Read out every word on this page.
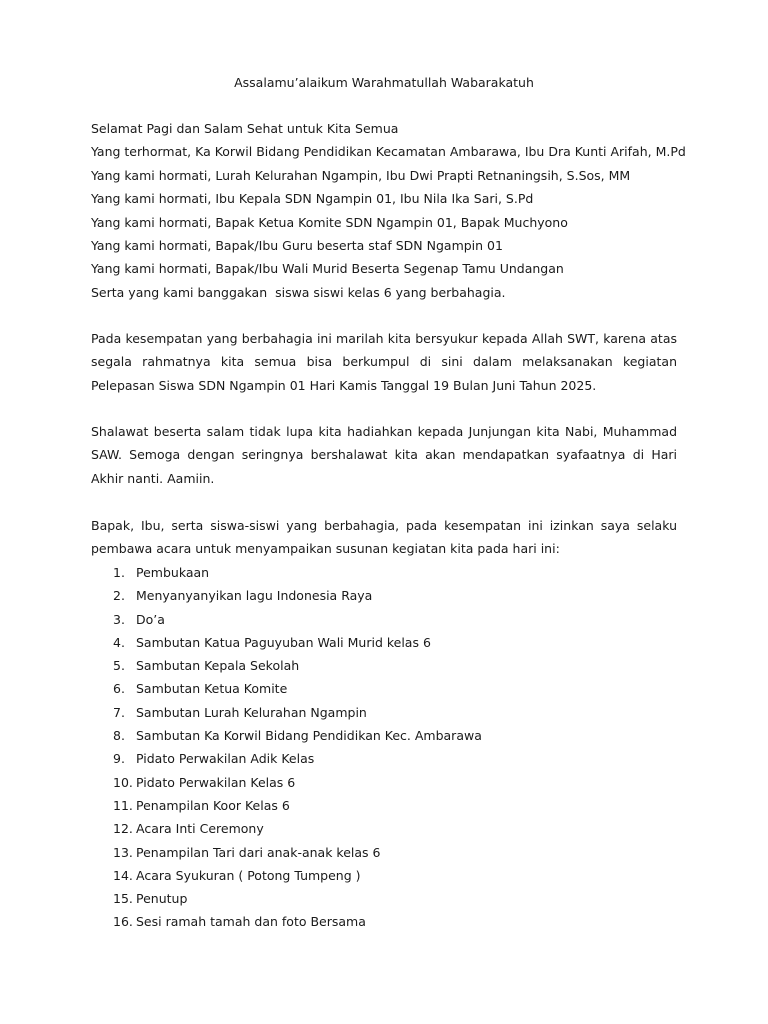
Assalamu’alaikum Warahmatullah Wabarakatuh
Selamat Pagi dan Salam Sehat untuk Kita Semua
Yang terhormat, Ka Korwil Bidang Pendidikan Kecamatan Ambarawa, Ibu Dra Kunti Arifah, M.Pd
Yang kami hormati, Lurah Kelurahan Ngampin, Ibu Dwi Prapti Retnaningsih, S.Sos, MM
Yang kami hormati, Ibu Kepala SDN Ngampin 01, Ibu Nila Ika Sari, S.Pd
Yang kami hormati, Bapak Ketua Komite SDN Ngampin 01, Bapak Muchyono
Yang kami hormati, Bapak/Ibu Guru beserta staf SDN Ngampin 01
Yang kami hormati, Bapak/Ibu Wali Murid Beserta Segenap Tamu Undangan
Serta yang kami banggakan  siswa siswi kelas 6 yang berbahagia.

Pada kesempatan yang berbahagia ini marilah kita bersyukur kepada Allah SWT, karena atas segala rahmatnya kita semua bisa berkumpul di sini dalam melaksanakan kegiatan Pelepasan Siswa SDN Ngampin 01 Hari Kamis Tanggal 19 Bulan Juni Tahun 2025.

Shalawat beserta salam tidak lupa kita hadiahkan kepada Junjungan kita Nabi, Muhammad SAW. Semoga dengan seringnya bershalawat kita akan mendapatkan syafaatnya di Hari Akhir nanti. Aamiin.

Bapak, Ibu, serta siswa-siswi yang berbahagia, pada kesempatan ini izinkan saya selaku pembawa acara untuk menyampaikan susunan kegiatan kita pada hari ini:

1. Pembukaan
2. Menyanyanyikan lagu Indonesia Raya
3. Do’a
4. Sambutan Katua Paguyuban Wali Murid kelas 6
5. Sambutan Kepala Sekolah
6. Sambutan Ketua Komite
7. Sambutan Lurah Kelurahan Ngampin
8. Sambutan Ka Korwil Bidang Pendidikan Kec. Ambarawa
9. Pidato Perwakilan Adik Kelas
10. Pidato Perwakilan Kelas 6
11. Penampilan Koor Kelas 6
12. Acara Inti Ceremony
13. Penampilan Tari dari anak-anak kelas 6
14. Acara Syukuran ( Potong Tumpeng )
15. Penutup
16. Sesi ramah tamah dan foto Bersama
